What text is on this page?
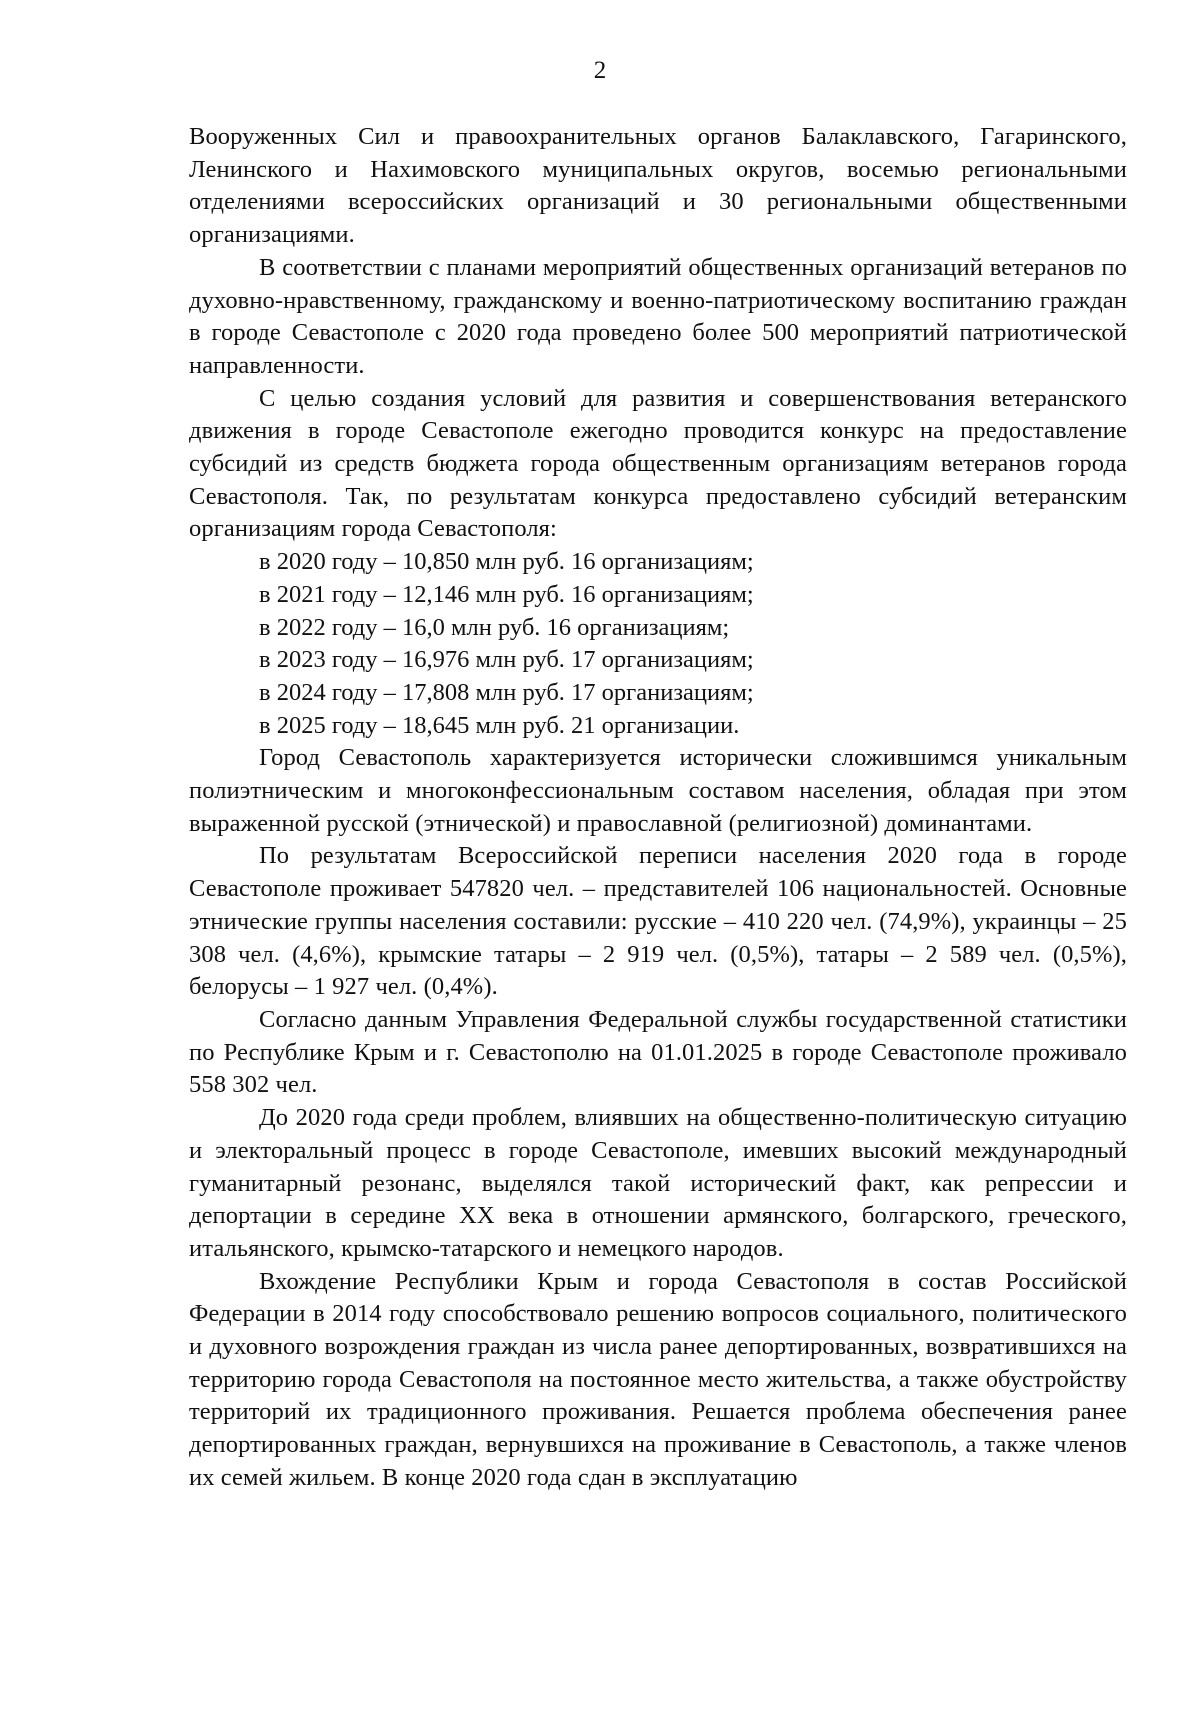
2

Вооруженных Сил и правоохранительных органов Балаклавского, Гагаринского, Ленинского и Нахимовского муниципальных округов, восемью региональными отделениями всероссийских организаций и 30 региональными общественными организациями.

В соответствии с планами мероприятий общественных организаций ветеранов по духовно-нравственному, гражданскому и военно-патриотическому воспитанию граждан в городе Севастополе с 2020 года проведено более 500 мероприятий патриотической направленности.

С целью создания условий для развития и совершенствования ветеранского движения в городе Севастополе ежегодно проводится конкурс на предоставление субсидий из средств бюджета города общественным организациям ветеранов города Севастополя. Так, по результатам конкурса предоставлено субсидий ветеранским организациям города Севастополя:

в 2020 году – 10,850 млн руб. 16 организациям;
в 2021 году – 12,146 млн руб. 16 организациям;
в 2022 году – 16,0 млн руб. 16 организациям;
в 2023 году – 16,976 млн руб. 17 организациям;
в 2024 году – 17,808 млн руб. 17 организациям;
в 2025 году – 18,645 млн руб. 21 организации.

Город Севастополь характеризуется исторически сложившимся уникальным полиэтническим и многоконфессиональным составом населения, обладая при этом выраженной русской (этнической) и православной (религиозной) доминантами.

По результатам Всероссийской переписи населения 2020 года в городе Севастополе проживает 547820 чел. – представителей 106 национальностей. Основные этнические группы населения составили: русские – 410 220 чел. (74,9%), украинцы – 25 308 чел. (4,6%), крымские татары – 2 919 чел. (0,5%), татары – 2 589 чел. (0,5%), белорусы – 1 927 чел. (0,4%).

Согласно данным Управления Федеральной службы государственной статистики по Республике Крым и г. Севастополю на 01.01.2025 в городе Севастополе проживало 558 302 чел.

До 2020 года среди проблем, влиявших на общественно-политическую ситуацию и электоральный процесс в городе Севастополе, имевших высокий международный гуманитарный резонанс, выделялся такой исторический факт, как репрессии и депортации в середине XX века в отношении армянского, болгарского, греческого, итальянского, крымско-татарского и немецкого народов.

Вхождение Республики Крым и города Севастополя в состав Российской Федерации в 2014 году способствовало решению вопросов социального, политического и духовного возрождения граждан из числа ранее депортированных, возвратившихся на территорию города Севастополя на постоянное место жительства, а также обустройству территорий их традиционного проживания. Решается проблема обеспечения ранее депортированных граждан, вернувшихся на проживание в Севастополь, а также членов их семей жильем. В конце 2020 года сдан в эксплуатацию
